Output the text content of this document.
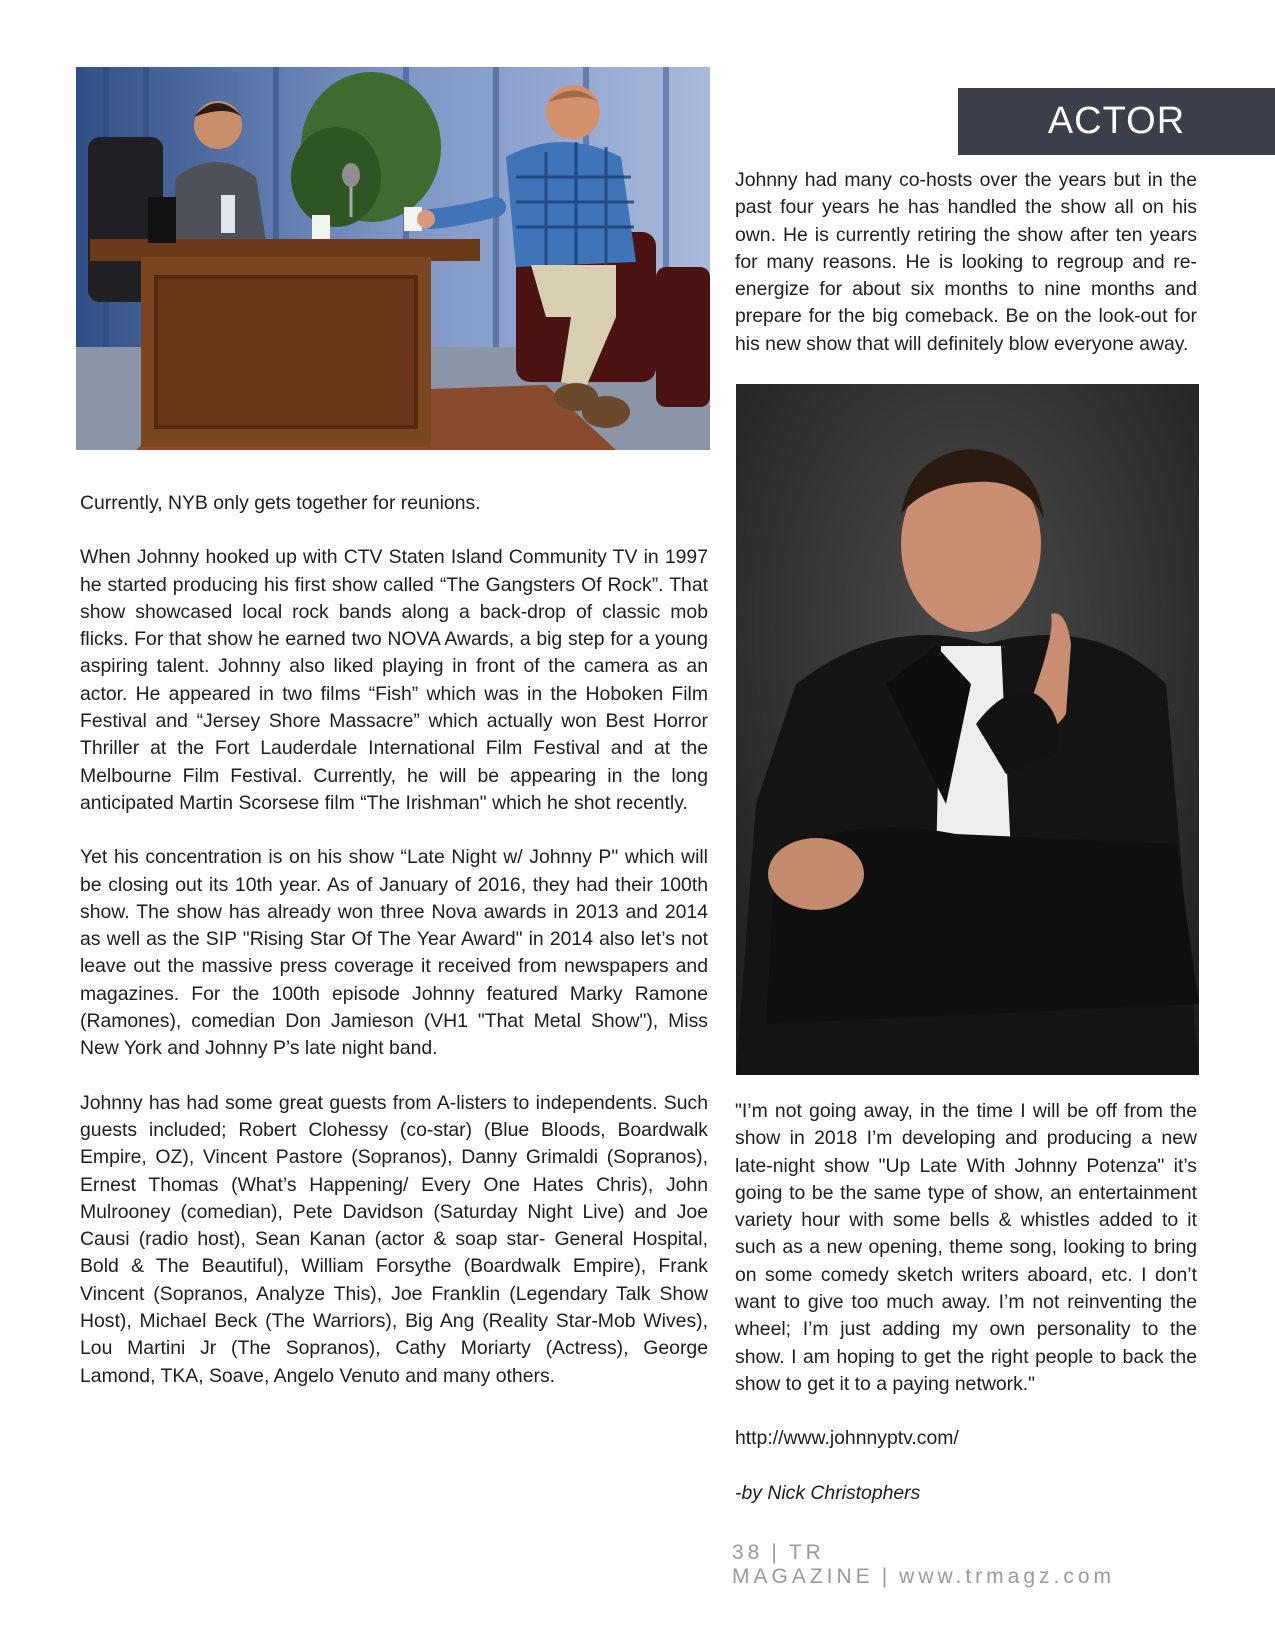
ACTOR

Johnny had many co-hosts over the years but in the past four years he has handled the show all on his own. He is currently retiring the show after ten years for many reasons. He is looking to regroup and re-energize for about six months to nine months and prepare for the big comeback. Be on the look-out for his new show that will definitely blow everyone away.

Currently, NYB only gets together for reunions.

When Johnny hooked up with CTV Staten Island Community TV in 1997 he started producing his first show called “The Gangsters Of Rock”. That show showcased local rock bands along a back-drop of classic mob flicks. For that show he earned two NOVA Awards, a big step for a young aspiring talent. Johnny also liked playing in front of the camera as an actor. He appeared in two films “Fish” which was in the Hoboken Film Festival and “Jersey Shore Massacre” which actually won Best Horror Thriller at the Fort Lauderdale International Film Festival and at the Melbourne Film Festival. Currently, he will be appearing in the long anticipated Martin Scorsese film “The Irishman" which he shot recently.

Yet his concentration is on his show “Late Night w/ Johnny P" which will be closing out its 10th year. As of January of 2016, they had their 100th show. The show has already won three Nova awards in 2013 and 2014 as well as the SIP "Rising Star Of The Year Award" in 2014 also let’s not leave out the massive press coverage it received from newspapers and magazines. For the 100th episode Johnny featured Marky Ramone (Ramones), comedian Don Jamieson (VH1 "That Metal Show"), Miss New York and Johnny P’s late night band.

Johnny has had some great guests from A-listers to independents. Such guests included; Robert Clohessy (co-star) (Blue Bloods, Boardwalk Empire, OZ), Vincent Pastore (Sopranos), Danny Grimaldi (Sopranos), Ernest Thomas (What’s Happening/ Every One Hates Chris), John Mulrooney (comedian), Pete Davidson (Saturday Night Live) and Joe Causi (radio host), Sean Kanan (actor & soap star- General Hospital, Bold & The Beautiful), William Forsythe (Boardwalk Empire), Frank Vincent (Sopranos, Analyze This), Joe Franklin (Legendary Talk Show Host), Michael Beck (The Warriors), Big Ang (Reality Star-Mob Wives), Lou Martini Jr (The Sopranos), Cathy Moriarty (Actress), George Lamond, TKA, Soave, Angelo Venuto and many others.

"I’m not going away, in the time I will be off from the show in 2018 I’m developing and producing a new late-night show "Up Late With Johnny Potenza" it’s going to be the same type of show, an entertainment variety hour with some bells & whistles added to it such as a new opening, theme song, looking to bring on some comedy sketch writers aboard, etc. I don’t want to give too much away. I’m not reinventing the wheel; I’m just adding my own personality to the show. I am hoping to get the right people to back the show to get it to a paying network."

http://www.johnnyptv.com/

-by Nick Christophers

38 | TR MAGAZINE | www.trmagz.com
